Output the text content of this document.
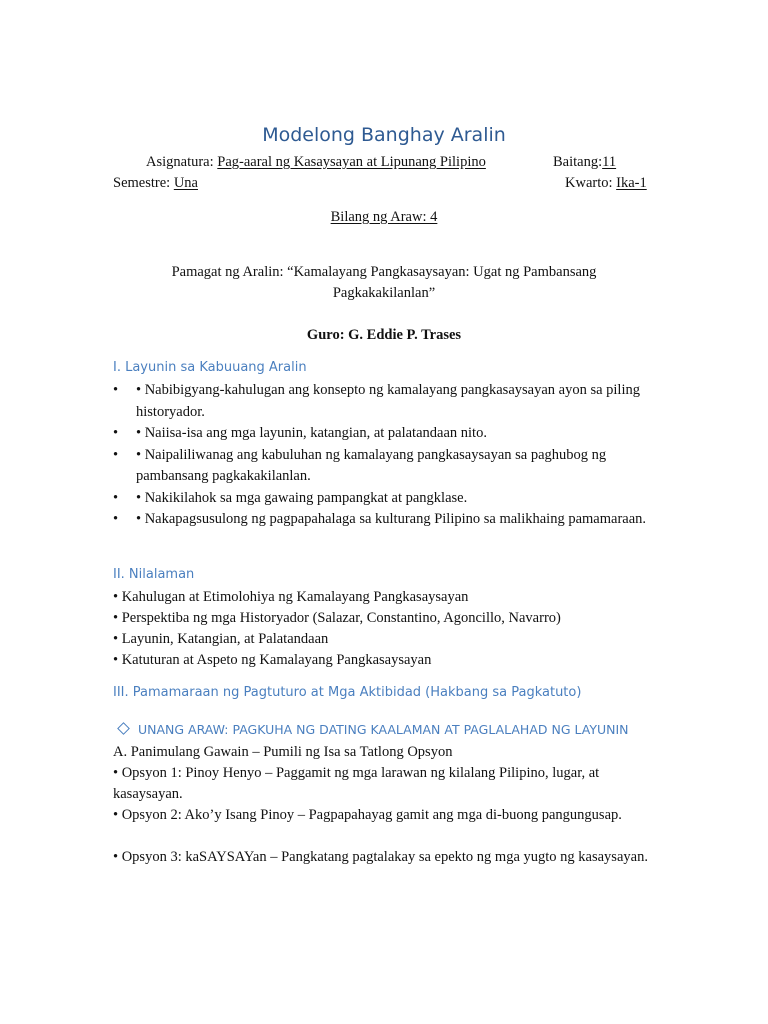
Modelong Banghay Aralin
Asignatura: Pag-aaral ng Kasaysayan at Lipunang Pilipino	Baitang:11
Semestre: Una	Kwarto: Ika-1
Bilang ng Araw: 4
Pamagat ng Aralin: “Kamalayang Pangkasaysayan: Ugat ng Pambansang
Pagkakakilanlan”
Guro: G. Eddie P. Trases
I. Layunin sa Kabuuang Aralin
• • Nabibigyang-kahulugan ang konsepto ng kamalayang pangkasaysayan ayon sa piling historyador.
• • Naiisa-isa ang mga layunin, katangian, at palatandaan nito.
• • Naipaliliwanag ang kabuluhan ng kamalayang pangkasaysayan sa paghubog ng pambansang pagkakakilanlan.
• • Nakikilahok sa mga gawaing pampangkat at pangklase.
• • Nakapagsusulong ng pagpapahalaga sa kulturang Pilipino sa malikhaing pamamaraan.
II. Nilalaman
• Kahulugan at Etimolohiya ng Kamalayang Pangkasaysayan
• Perspektiba ng mga Historyador (Salazar, Constantino, Agoncillo, Navarro)
• Layunin, Katangian, at Palatandaan
• Katuturan at Aspeto ng Kamalayang Pangkasaysayan
III. Pamamaraan ng Pagtuturo at Mga Aktibidad (Hakbang sa Pagkatuto)
UNANG ARAW: PAGKUHA NG DATING KAALAMAN AT PAGLALAHAD NG LAYUNIN
A. Panimulang Gawain – Pumili ng Isa sa Tatlong Opsyon
• Opsyon 1: Pinoy Henyo – Paggamit ng mga larawan ng kilalang Pilipino, lugar, at kasaysayan.
• Opsyon 2: Ako’y Isang Pinoy – Pagpapahayag gamit ang mga di-buong pangungusap.
• Opsyon 3: kaSAYSAYan – Pangkatang pagtalakay sa epekto ng mga yugto ng kasaysayan.
